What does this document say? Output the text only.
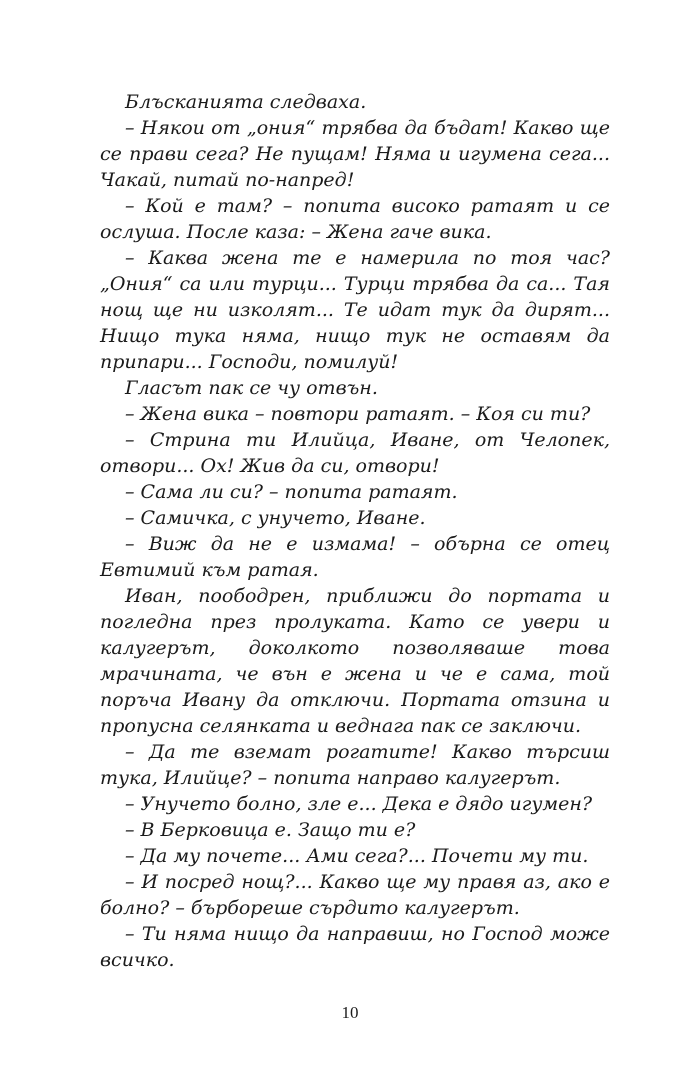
Блъсканията следваха.

– Някои от „ония“ трябва да бъдат! Какво ще се прави сега? Не пущам! Няма и игумена сега... Чакай, питай по-напред!

– Кой е там? – попита високо ратаят и се ослуша. После каза: – Жена гаче вика.

– Каква жена те е намерила по тоя час? „Ония“ са или турци... Турци трябва да са... Тая нощ ще ни изколят... Те идат тук да дирят... Нищо тука няма, нищо тук не оставям да припари... Господи, помилуй!

Гласът пак се чу отвън.

– Жена вика – повтори ратаят. – Коя си ти?

– Стрина ти Илийца, Иване, от Челопек, отвори... Ох! Жив да си, отвори!

– Сама ли си? – попита ратаят.

– Самичка, с унучето, Иване.

– Виж да не е измама! – обърна се отец Евтимий към ратая.

Иван, поободрен, приближи до портата и погледна през пролуката. Като се увери и калугерът, доколкото позволяваше това мрачината, че вън е жена и че е сама, той поръча Ивану да отключи. Портата отзина и пропусна селянката и веднага пак се заключи.

– Да те вземат рогатите! Какво търсиш тука, Илийце? – попита направо калугерът.

– Унучето болно, зле е... Дека е дядо игумен?

– В Берковица е. Защо ти е?

– Да му почете... Ами сега?... Почети му ти.

– И посред нощ?... Какво ще му правя аз, ако е болно? – бърбореше сърдито калугерът.

– Ти няма нищо да направиш, но Господ може всичко.

10
